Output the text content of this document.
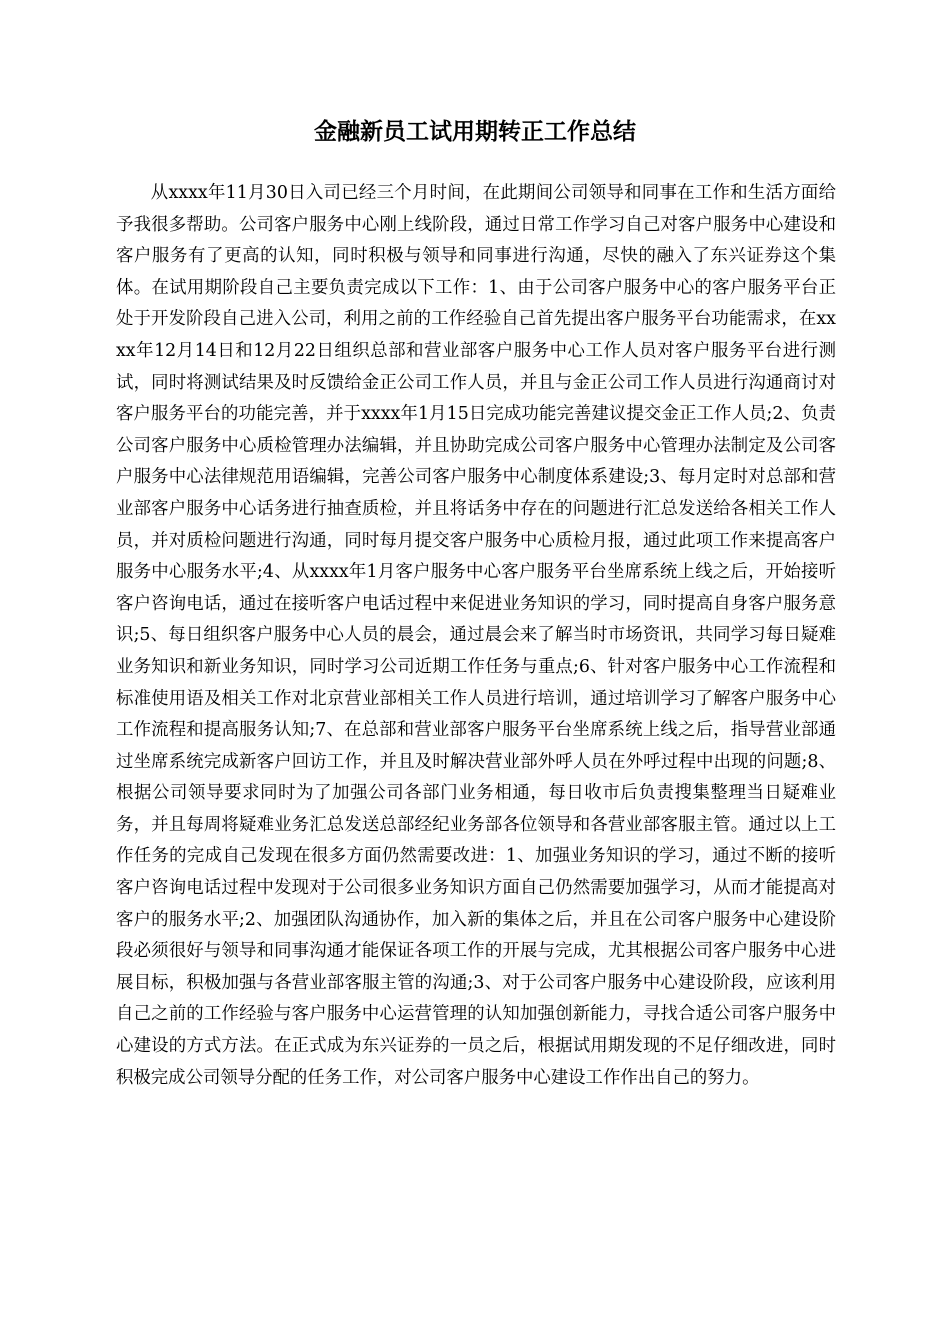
金融新员工试用期转正工作总结

从xxxx年11月30日入司已经三个月时间，在此期间公司领导和同事在工作和生活方面给予我很多帮助。公司客户服务中心刚上线阶段，通过日常工作学习自己对客户服务中心建设和客户服务有了更高的认知，同时积极与领导和同事进行沟通，尽快的融入了东兴证券这个集体。在试用期阶段自己主要负责完成以下工作：1、由于公司客户服务中心的客户服务平台正处于开发阶段自己进入公司，利用之前的工作经验自己首先提出客户服务平台功能需求，在xxxx年12月14日和12月22日组织总部和营业部客户服务中心工作人员对客户服务平台进行测试，同时将测试结果及时反馈给金正公司工作人员，并且与金正公司工作人员进行沟通商讨对客户服务平台的功能完善，并于xxxx年1月15日完成功能完善建议提交金正工作人员;2、负责公司客户服务中心质检管理办法编辑，并且协助完成公司客户服务中心管理办法制定及公司客户服务中心法律规范用语编辑，完善公司客户服务中心制度体系建设;3、每月定时对总部和营业部客户服务中心话务进行抽查质检，并且将话务中存在的问题进行汇总发送给各相关工作人员，并对质检问题进行沟通，同时每月提交客户服务中心质检月报，通过此项工作来提高客户服务中心服务水平;4、从xxxx年1月客户服务中心客户服务平台坐席系统上线之后，开始接听客户咨询电话，通过在接听客户电话过程中来促进业务知识的学习，同时提高自身客户服务意识;5、每日组织客户服务中心人员的晨会，通过晨会来了解当时市场资讯，共同学习每日疑难业务知识和新业务知识，同时学习公司近期工作任务与重点;6、针对客户服务中心工作流程和标准使用语及相关工作对北京营业部相关工作人员进行培训，通过培训学习了解客户服务中心工作流程和提高服务认知;7、在总部和营业部客户服务平台坐席系统上线之后，指导营业部通过坐席系统完成新客户回访工作，并且及时解决营业部外呼人员在外呼过程中出现的问题;8、根据公司领导要求同时为了加强公司各部门业务相通，每日收市后负责搜集整理当日疑难业务，并且每周将疑难业务汇总发送总部经纪业务部各位领导和各营业部客服主管。通过以上工作任务的完成自己发现在很多方面仍然需要改进：1、加强业务知识的学习，通过不断的接听客户咨询电话过程中发现对于公司很多业务知识方面自己仍然需要加强学习，从而才能提高对客户的服务水平;2、加强团队沟通协作，加入新的集体之后，并且在公司客户服务中心建设阶段必须很好与领导和同事沟通才能保证各项工作的开展与完成，尤其根据公司客户服务中心进展目标，积极加强与各营业部客服主管的沟通;3、对于公司客户服务中心建设阶段，应该利用自己之前的工作经验与客户服务中心运营管理的认知加强创新能力，寻找合适公司客户服务中心建设的方式方法。在正式成为东兴证券的一员之后，根据试用期发现的不足仔细改进，同时积极完成公司领导分配的任务工作，对公司客户服务中心建设工作作出自己的努力。
